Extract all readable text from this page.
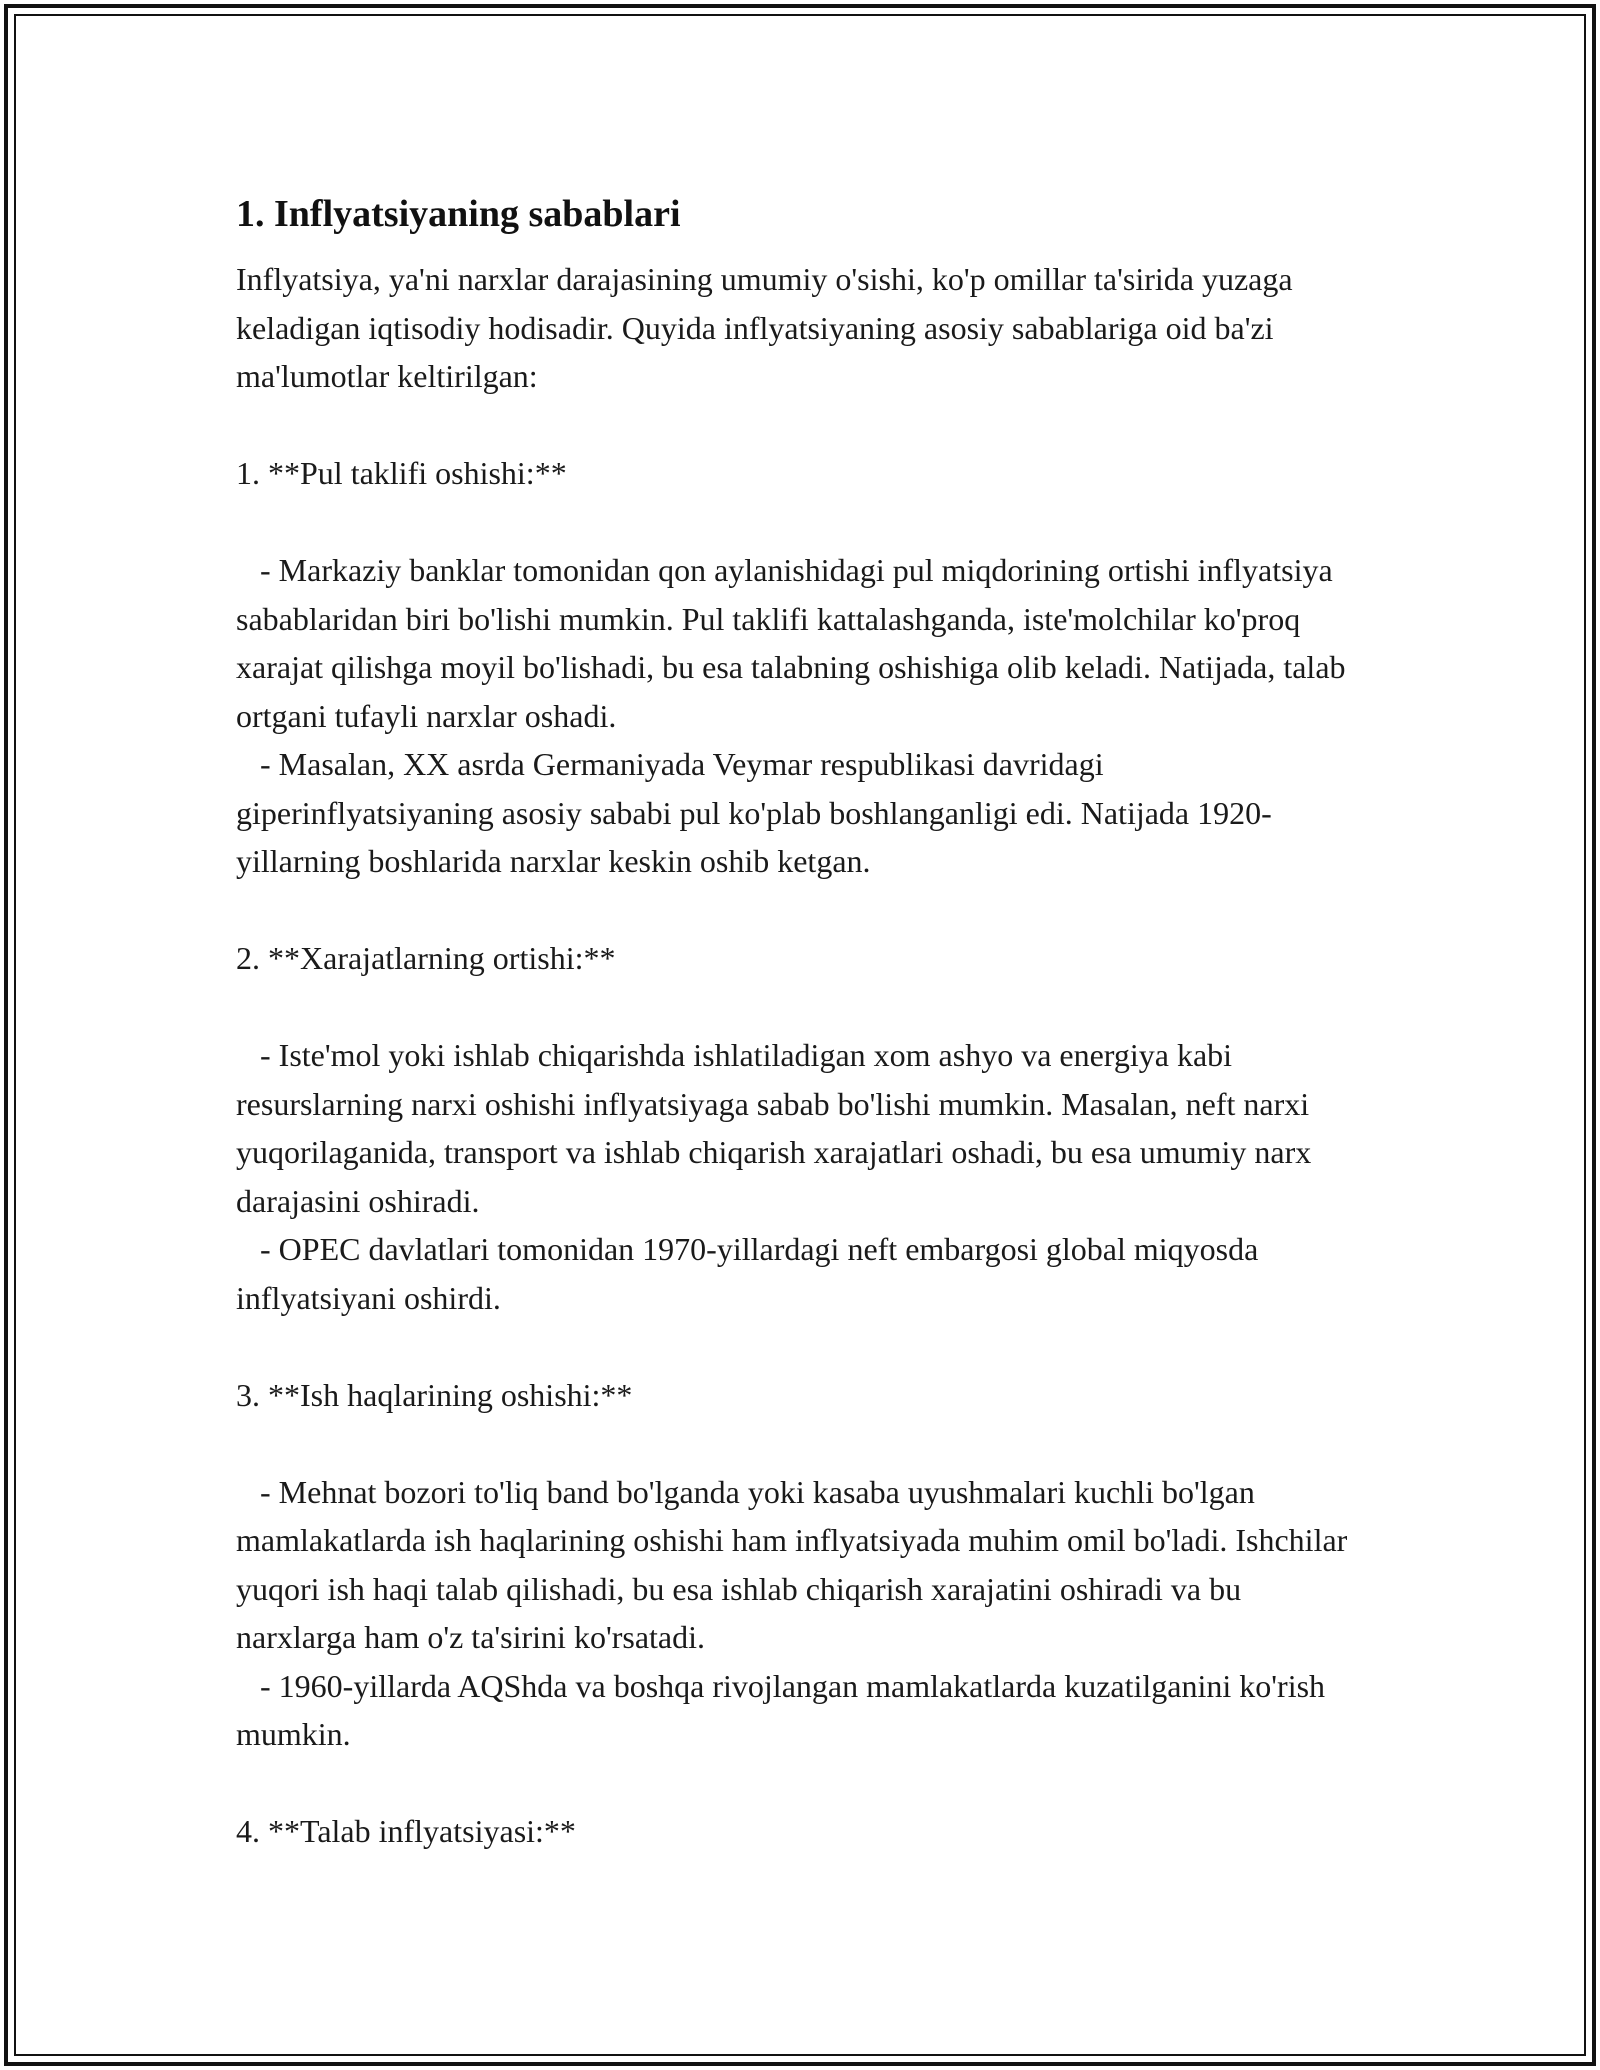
1. Inflyatsiyaning sabablari

Inflyatsiya, ya'ni narxlar darajasining umumiy o'sishi, ko'p omillar ta'sirida yuzaga keladigan iqtisodiy hodisadir. Quyida inflyatsiyaning asosiy sabablariga oid ba'zi ma'lumotlar keltirilgan:

1. **Pul taklifi oshishi:**

- Markaziy banklar tomonidan qon aylanishidagi pul miqdorining ortishi inflyatsiya sabablaridan biri bo'lishi mumkin. Pul taklifi kattalashganda, iste'molchilar ko'proq xarajat qilishga moyil bo'lishadi, bu esa talabning oshishiga olib keladi. Natijada, talab ortgani tufayli narxlar oshadi.

- Masalan, XX asrda Germaniyada Veymar respublikasi davridagi giperinflyatsiyaning asosiy sababi pul ko'plab boshlanganligi edi. Natijada 1920-yillarning boshlarida narxlar keskin oshib ketgan.

2. **Xarajatlarning ortishi:**

- Iste'mol yoki ishlab chiqarishda ishlatiladigan xom ashyo va energiya kabi resurslarning narxi oshishi inflyatsiyaga sabab bo'lishi mumkin. Masalan, neft narxi yuqorilaganida, transport va ishlab chiqarish xarajatlari oshadi, bu esa umumiy narx darajasini oshiradi.

- OPEC davlatlari tomonidan 1970-yillardagi neft embargosi global miqyosda inflyatsiyani oshirdi.

3. **Ish haqlarining oshishi:**

- Mehnat bozori to'liq band bo'lganda yoki kasaba uyushmalari kuchli bo'lgan mamlakatlarda ish haqlarining oshishi ham inflyatsiyada muhim omil bo'ladi. Ishchilar yuqori ish haqi talab qilishadi, bu esa ishlab chiqarish xarajatini oshiradi va bu narxlarga ham o'z ta'sirini ko'rsatadi.

- 1960-yillarda AQShda va boshqa rivojlangan mamlakatlarda kuzatilganini ko'rish mumkin.

4. **Talab inflyatsiyasi:**
